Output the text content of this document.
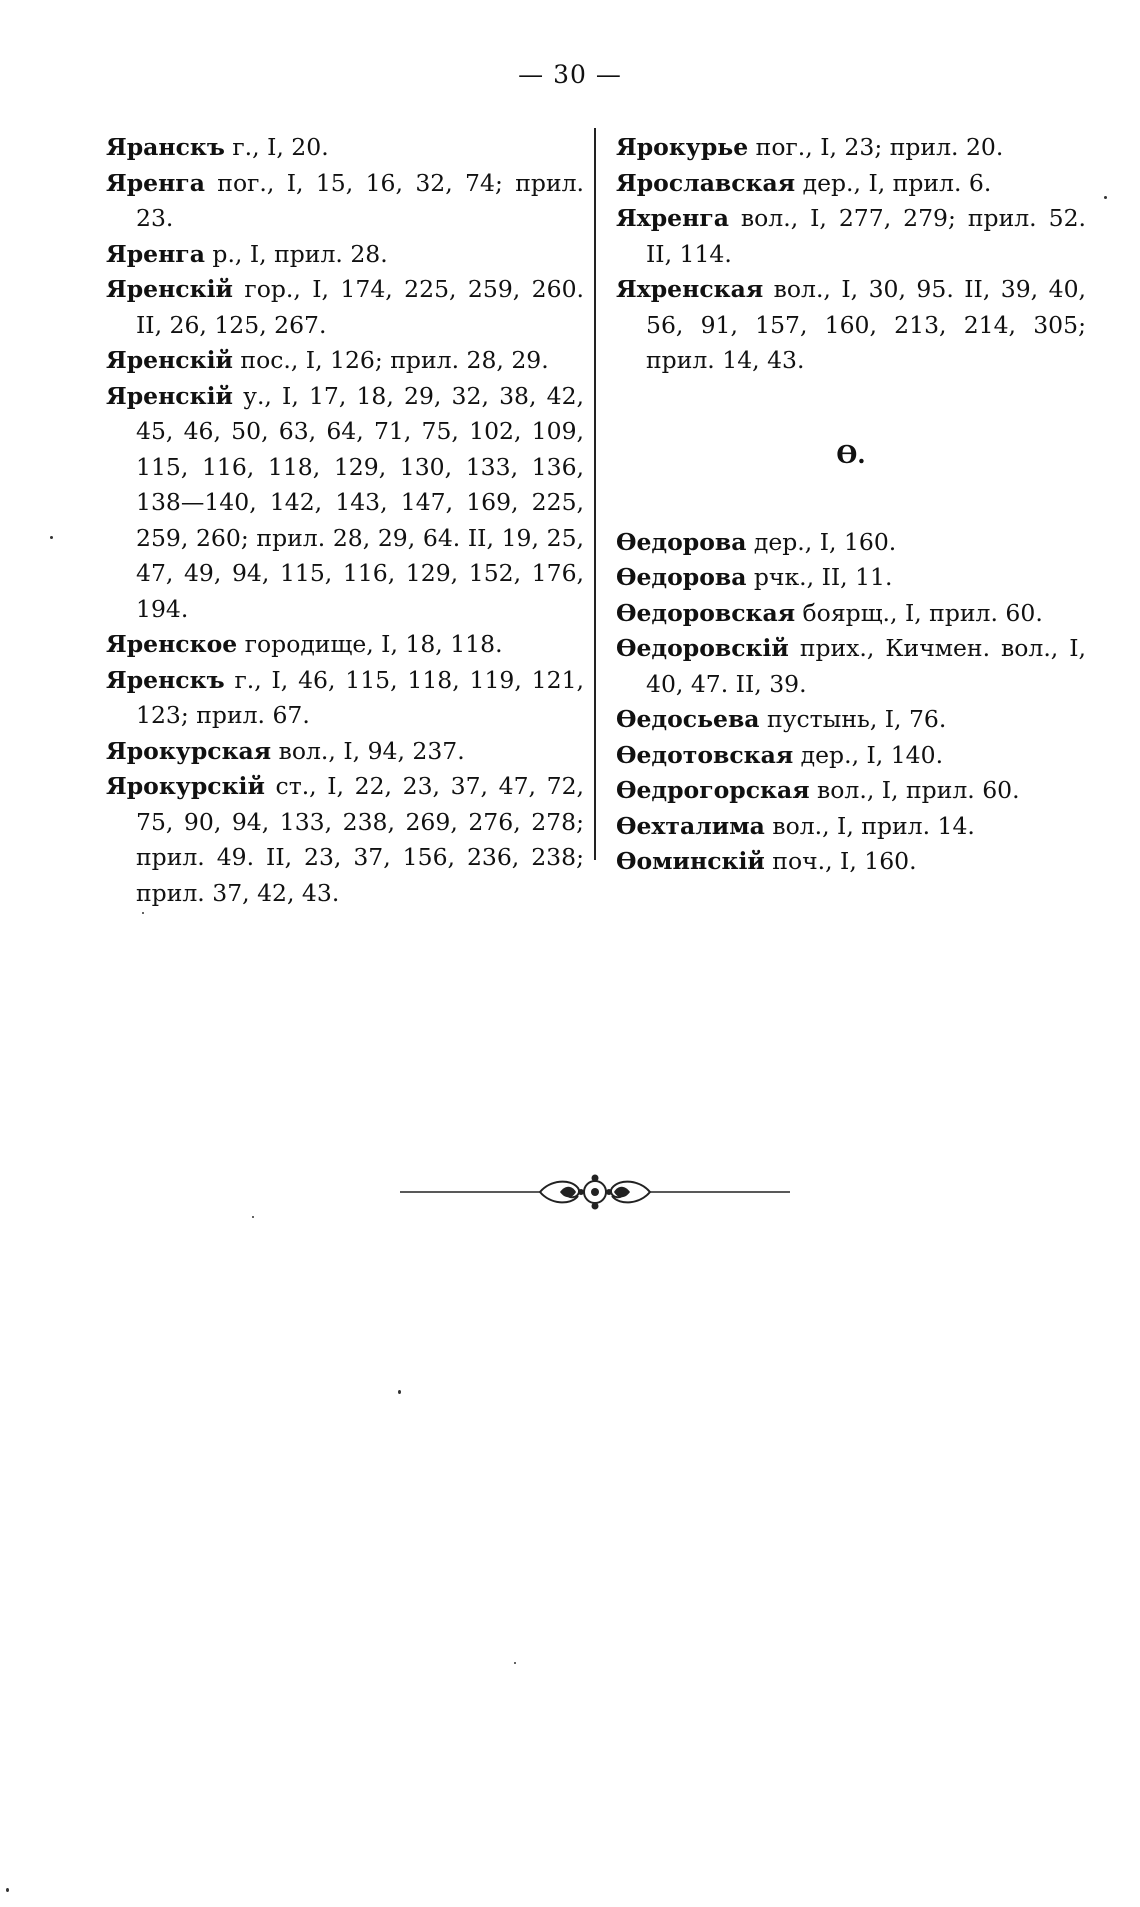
— 30 —

Яранскъ г., I, 20.

Яренга пог., I, 15, 16, 32, 74; прил. 23.

Яренга р., I, прил. 28.

Яренскій гор., I, 174, 225, 259, 260. II, 26, 125, 267.

Яренскій пос., I, 126; прил. 28, 29.

Яренскій у., I, 17, 18, 29, 32, 38, 42, 45, 46, 50, 63, 64, 71, 75, 102, 109, 115, 116, 118, 129, 130, 133, 136, 138—140, 142, 143, 147, 169, 225, 259, 260; прил. 28, 29, 64. II, 19, 25, 47, 49, 94, 115, 116, 129, 152, 176, 194.

Яренское городище, I, 18, 118.

Яренскъ г., I, 46, 115, 118, 119, 121, 123; прил. 67.

Ярокурская вол., I, 94, 237.

Ярокурскій ст., I, 22, 23, 37, 47, 72, 75, 90, 94, 133, 238, 269, 276, 278; прил. 49. II, 23, 37, 156, 236, 238; прил. 37, 42, 43.

Ярокурье пог., I, 23; прил. 20.

Ярославская дер., I, прил. 6.

Яхренга вол., I, 277, 279; прил. 52. II, 114.

Яхренская вол., I, 30, 95. II, 39, 40, 56, 91, 157, 160, 213, 214, 305; прил. 14, 43.

Ѳ.

Ѳедорова дер., I, 160.

Ѳедорова рчк., II, 11.

Ѳедоровская боярщ., I, прил. 60.

Ѳедоровскій прих., Кичмен. вол., I, 40, 47. II, 39.

Ѳедосьева пустынь, I, 76.

Ѳедотовская дер., I, 140.

Ѳедрогорская вол., I, прил. 60.

Ѳехталима вол., I, прил. 14.

Ѳоминскій поч., I, 160.
